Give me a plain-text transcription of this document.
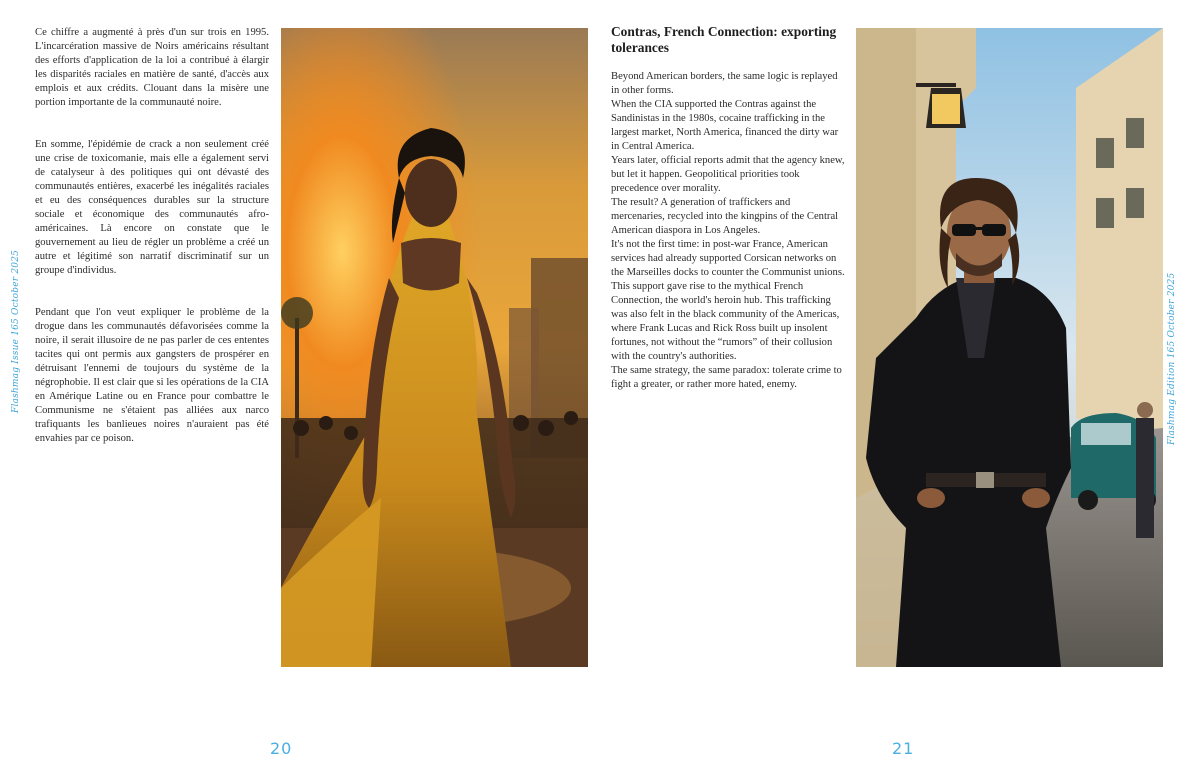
Ce chiffre a augmenté à près d'un sur trois en 1995. L'incarcération massive de Noirs américains résultant des efforts d'application de la loi a contribué à élargir les disparités raciales en matière de santé, d'accès aux emplois et aux crédits. Clouant dans la misère une portion importante de la communauté noire.

En somme, l'épidémie de crack a non seulement créé une crise de toxicomanie, mais elle a également servi de catalyseur à des politiques qui ont dévasté des communautés entières, exacerbé les inégalités raciales et eu des conséquences durables sur la structure sociale et économique des communautés afro-américaines. Là encore on constate que le gouvernement au lieu de régler un problème a créé un autre et légitimé son narratif discriminatif sur un groupe d'individus.

Pendant que l'on veut expliquer le problème de la drogue dans les communautés défavorisées comme la noire, il serait illusoire de ne pas parler de ces ententes tacites qui ont permis aux gangsters de prospérer en détruisant l'ennemi de toujours du système de la négrophobie. Il est clair que si les opérations de la CIA en Amérique Latine ou en France pour combattre le Communisme ne s'étaient pas alliées aux narco trafiquants les banlieues noires n'auraient pas été envahies par ce poison.

Flashmag Issue 165 October 2025
20
Contras, French Connection: exporting tolerances

Beyond American borders, the same logic is replayed in other forms.

When the CIA supported the Contras against the Sandinistas in the 1980s, cocaine trafficking in the largest market, North America, financed the dirty war in Central America.

Years later, official reports admit that the agency knew, but let it happen. Geopolitical priorities took precedence over morality.

The result? A generation of traffickers and mercenaries, recycled into the kingpins of the Central American diaspora in Los Angeles.

It's not the first time: in post-war France, American services had already supported Corsican networks on the Marseilles docks to counter the Communist unions. This support gave rise to the mythical French Connection, the world's heroin hub. This trafficking was also felt in the black community of the Americas, where Frank Lucas and Rick Ross built up insolent fortunes, not without the “rumors” of their collusion with the country's authorities.

The same strategy, the same paradox: tolerate crime to fight a greater, or rather more hated, enemy.	Flashmag Edition 165 October 2025
21
